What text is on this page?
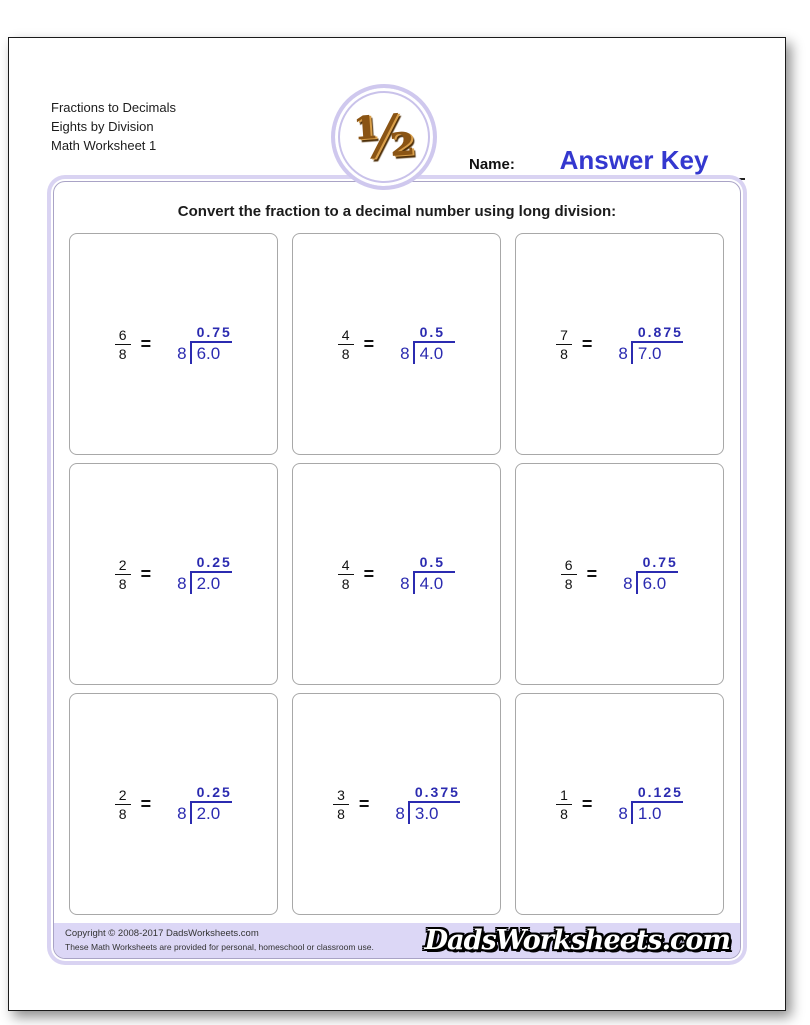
Fractions to Decimals
Eights by Division
Math Worksheet 1	½	Name:	Answer Key
Convert the fraction to a decimal number using long division:
$\frac{6}{8}$ =
0.75
8 6.0	$\frac{4}{8}$ =
0.5
8 4.0	$\frac{7}{8}$ =
0.875
8 7.0
$\frac{2}{8}$ =
0.25
8 2.0	$\frac{4}{8}$ =
0.5
8 4.0	$\frac{6}{8}$ =
0.75
8 6.0
$\frac{2}{8}$ =
0.25
8 2.0	$\frac{3}{8}$ =
0.375
8 3.0	$\frac{1}{8}$ =
0.125
8 1.0
Copyright © 2008-2017 DadsWorksheets.com
These Math Worksheets are provided for personal, homeschool or classroom use. DadsWorksheets.com
